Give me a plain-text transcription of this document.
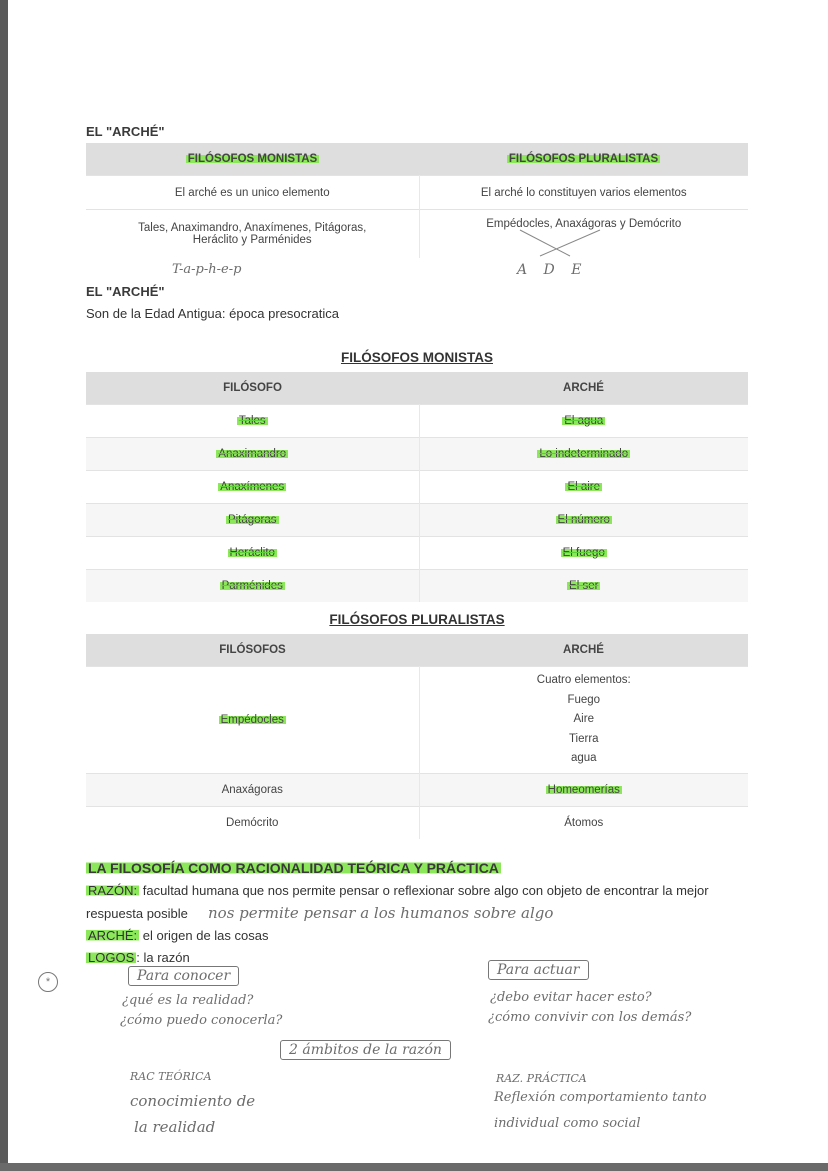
EL "ARCHÉ"
FILÓSOFOS MONISTAS	FILÓSOFOS PLURALISTAS
El arché es un unico elemento	El arché lo constituyen varios elementos
Tales, Anaximandro, Anaxímenes, Pitágoras, Heráclito y Parménides	Empédocles, Anaxágoras y Demócrito
T-a-p-h-e-p	A D E
EL "ARCHÉ"
Son de la Edad Antigua: época presocratica
FILÓSOFOS MONISTAS
FILÓSOFO	ARCHÉ
Tales	El agua
Anaximandro	Lo indeterminado
Anaxímenes	El aire
Pitágoras	El número
Heráclito	El fuego
Parménides	El ser
FILÓSOFOS PLURALISTAS
FILÓSOFOS	ARCHÉ
Empédocles	Cuatro elementos:
Fuego
Aire
Tierra
agua

Anaxágoras	Homeomerías
Demócrito	Átomos
LA FILOSOFÍA COMO RACIONALIDAD TEÓRICA Y PRÁCTICA
RAZÓN: facultad humana que nos permite pensar o reflexionar sobre algo con objeto de encontrar la mejor
respuesta posible nos permite pensar a los humanos sobre algo
ARCHÉ: el origen de las cosas
LOGOS : la razón
Para conocer
¿qué es la realidad?
¿cómo puedo conocerla?
Para actuar
¿debo evitar hacer esto?
¿cómo convivir con los demás?
2 ámbitos de la razón
RAC TEÓRICA
conocimiento de
la realidad
RAZ. PRÁCTICA
Reflexión comportamiento tanto
individual como social
*
